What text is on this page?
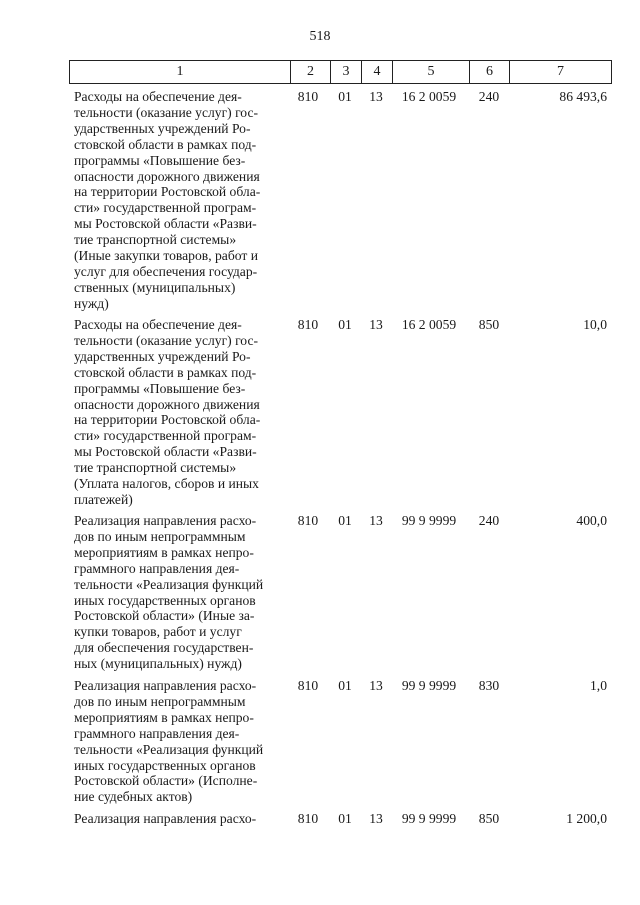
518
1	2	3	4	5	6	7
Расходы на обеспечение дея-
тельности (оказание услуг) гос-
ударственных учреждений Ро-
стовской области в рамках под-
программы «Повышение без-
опасности дорожного движения
на территории Ростовской обла-
сти» государственной програм-
мы Ростовской области «Разви-
тие транспортной системы»
(Иные закупки товаров, работ и
услуг для обеспечения государ-
ственных (муниципальных)
нужд)
810	01	13	16 2 0059	240	86 493,6
Расходы на обеспечение дея-
тельности (оказание услуг) гос-
ударственных учреждений Ро-
стовской области в рамках под-
программы «Повышение без-
опасности дорожного движения
на территории Ростовской обла-
сти» государственной програм-
мы Ростовской области «Разви-
тие транспортной системы»
(Уплата налогов, сборов и иных
платежей)
810	01	13	16 2 0059	850	10,0
Реализация направления расхо-
дов по иным непрограммным
мероприятиям в рамках непро-
граммного направления дея-
тельности «Реализация функций
иных государственных органов
Ростовской области» (Иные за-
купки товаров, работ и услуг
для обеспечения государствен-
ных (муниципальных) нужд)
810	01	13	99 9 9999	240	400,0
Реализация направления расхо-
дов по иным непрограммным
мероприятиям в рамках непро-
граммного направления дея-
тельности «Реализация функций
иных государственных органов
Ростовской области» (Исполне-
ние судебных актов)
810	01	13	99 9 9999	830	1,0
Реализация направления расхо-	810	01	13	99 9 9999	850	1 200,0
